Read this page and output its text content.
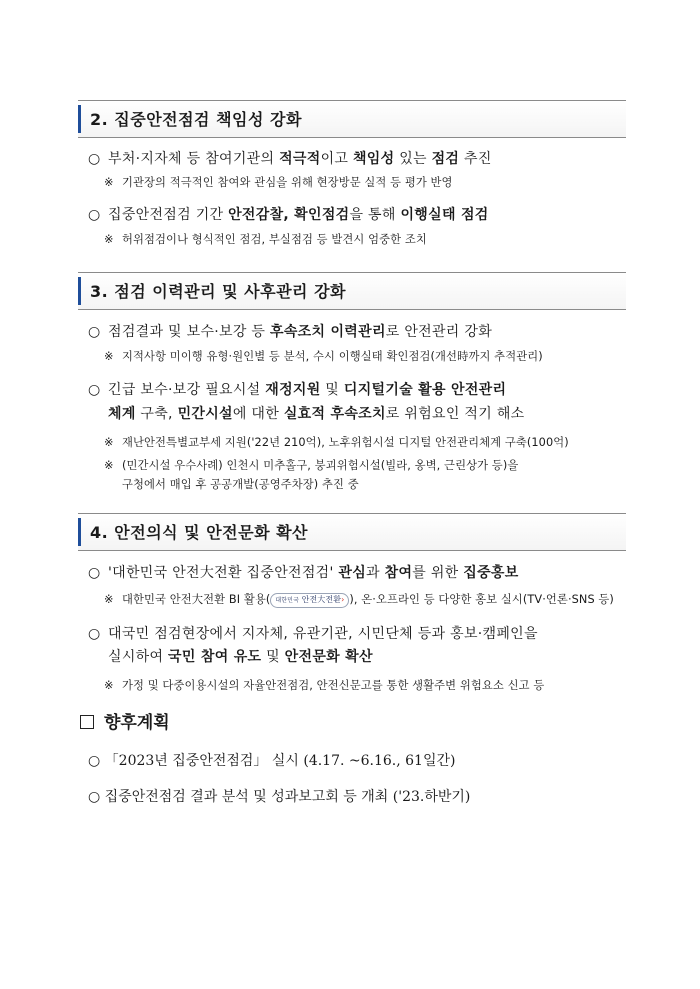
2. 집중안전점검 책임성 강화
○ 부처·지자체 등 참여기관의 적극적이고 책임성 있는 점검 추진
※ 기관장의 적극적인 참여와 관심을 위해 현장방문 실적 등 평가 반영
○ 집중안전점검 기간 안전감찰, 확인점검을 통해 이행실태 점검
※ 허위점검이나 형식적인 점검, 부실점검 등 발견시 엄중한 조치
3. 점검 이력관리 및 사후관리 강화
○ 점검결과 및 보수·보강 등 후속조치 이력관리로 안전관리 강화
※ 지적사항 미이행 유형·원인별 등 분석, 수시 이행실태 확인점검(개선時까지 추적관리)
○ 긴급 보수·보강 필요시설 재정지원 및 디지털기술 활용 안전관리
체계 구축, 민간시설에 대한 실효적 후속조치로 위험요인 적기 해소
※ 재난안전특별교부세 지원('22년 210억), 노후위험시설 디지털 안전관리체계 구축(100억)
※ (민간시설 우수사례) 인천시 미추홀구, 붕괴위험시설(빌라, 옹벽, 근린상가 등)을
구청에서 매입 후 공공개발(공영주차장) 추진 중
4. 안전의식 및 안전문화 확산
○ '대한민국 안전大전환 집중안전점검' 관심과 참여를 위한 집중홍보
※ 대한민국 안전大전환 BI 활용( 대한민국 안전大전환› ), 온·오프라인 등 다양한 홍보 실시(TV·언론·SNS 등)
○ 대국민 점검현장에서 지자체, 유관기관, 시민단체 등과 홍보·캠페인을
실시하여 국민 참여 유도 및 안전문화 확산
※ 가정 및 다중이용시설의 자율안전점검, 안전신문고를 통한 생활주변 위험요소 신고 등
향후계획
○ 「2023년 집중안전점검」 실시 (4.17. ~6.16., 61일간)
○ 집중안전점검 결과 분석 및 성과보고회 등 개최 ('23.하반기)
